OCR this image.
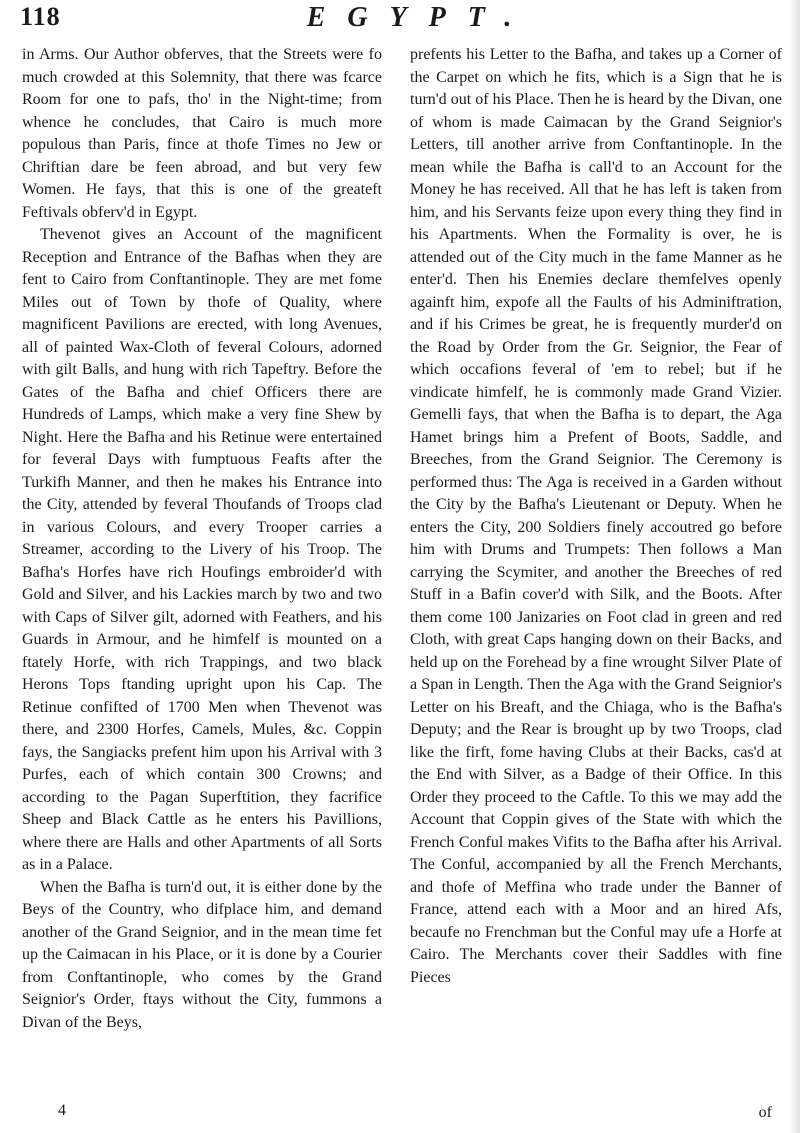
118	EGYPT.

in Arms. Our Author obferves, that the Streets were fo much crowded at this Solemnity, that there was fcarce Room for one to pafs, tho' in the Night-time; from whence he concludes, that Cairo is much more populous than Paris, fince at thofe Times no Jew or Chriftian dare be feen abroad, and but very few Women. He fays, that this is one of the greateft Feftivals obferv'd in Egypt.

Thevenot gives an Account of the magnificent Reception and Entrance of the Bafhas when they are fent to Cairo from Conftantinople. They are met fome Miles out of Town by thofe of Quality, where magnificent Pavilions are erected, with long Avenues, all of painted Wax-Cloth of feveral Colours, adorned with gilt Balls, and hung with rich Tapeftry. Before the Gates of the Bafha and chief Officers there are Hundreds of Lamps, which make a very fine Shew by Night. Here the Bafha and his Retinue were entertained for feveral Days with fumptuous Feafts after the Turkifh Manner, and then he makes his Entrance into the City, attended by feveral Thoufands of Troops clad in various Colours, and every Trooper carries a Streamer, according to the Livery of his Troop. The Bafha's Horfes have rich Houfings embroider'd with Gold and Silver, and his Lackies march by two and two with Caps of Silver gilt, adorned with Feathers, and his Guards in Armour, and he himfelf is mounted on a ftately Horfe, with rich Trappings, and two black Herons Tops ftanding upright upon his Cap. The Retinue confifted of 1700 Men when Thevenot was there, and 2300 Horfes, Camels, Mules, &c. Coppin fays, the Sangiacks prefent him upon his Arrival with 3 Purfes, each of which contain 300 Crowns; and according to the Pagan Superftition, they facrifice Sheep and Black Cattle as he enters his Pavillions, where there are Halls and other Apartments of all Sorts as in a Palace.

When the Bafha is turn'd out, it is either done by the Beys of the Country, who difplace him, and demand another of the Grand Seignior, and in the mean time fet up the Caimacan in his Place, or it is done by a Courier from Conftantinople, who comes by the Grand Seignior's Order, ftays without the City, fummons a Divan of the Beys,

prefents his Letter to the Bafha, and takes up a Corner of the Carpet on which he fits, which is a Sign that he is turn'd out of his Place. Then he is heard by the Divan, one of whom is made Caimacan by the Grand Seignior's Letters, till another arrive from Conftantinople. In the mean while the Bafha is call'd to an Account for the Money he has received. All that he has left is taken from him, and his Servants feize upon every thing they find in his Apartments. When the Formality is over, he is attended out of the City much in the fame Manner as he enter'd. Then his Enemies declare themfelves openly againft him, expofe all the Faults of his Adminiftration, and if his Crimes be great, he is frequently murder'd on the Road by Order from the Gr. Seignior, the Fear of which occafions feveral of 'em to rebel; but if he vindicate himfelf, he is commonly made Grand Vizier. Gemelli fays, that when the Bafha is to depart, the Aga Hamet brings him a Prefent of Boots, Saddle, and Breeches, from the Grand Seignior. The Ceremony is performed thus: The Aga is received in a Garden without the City by the Bafha's Lieutenant or Deputy. When he enters the City, 200 Soldiers finely accoutred go before him with Drums and Trumpets: Then follows a Man carrying the Scymiter, and another the Breeches of red Stuff in a Bafin cover'd with Silk, and the Boots. After them come 100 Janizaries on Foot clad in green and red Cloth, with great Caps hanging down on their Backs, and held up on the Forehead by a fine wrought Silver Plate of a Span in Length. Then the Aga with the Grand Seignior's Letter on his Breaft, and the Chiaga, who is the Bafha's Deputy; and the Rear is brought up by two Troops, clad like the firft, fome having Clubs at their Backs, cas'd at the End with Silver, as a Badge of their Office. In this Order they proceed to the Caftle. To this we may add the Account that Coppin gives of the State with which the French Conful makes Vifits to the Bafha after his Arrival. The Conful, accompanied by all the French Merchants, and thofe of Meffina who trade under the Banner of France, attend each with a Moor and an hired Afs, becaufe no Frenchman but the Conful may ufe a Horfe at Cairo. The Merchants cover their Saddles with fine Pieces

4	of
